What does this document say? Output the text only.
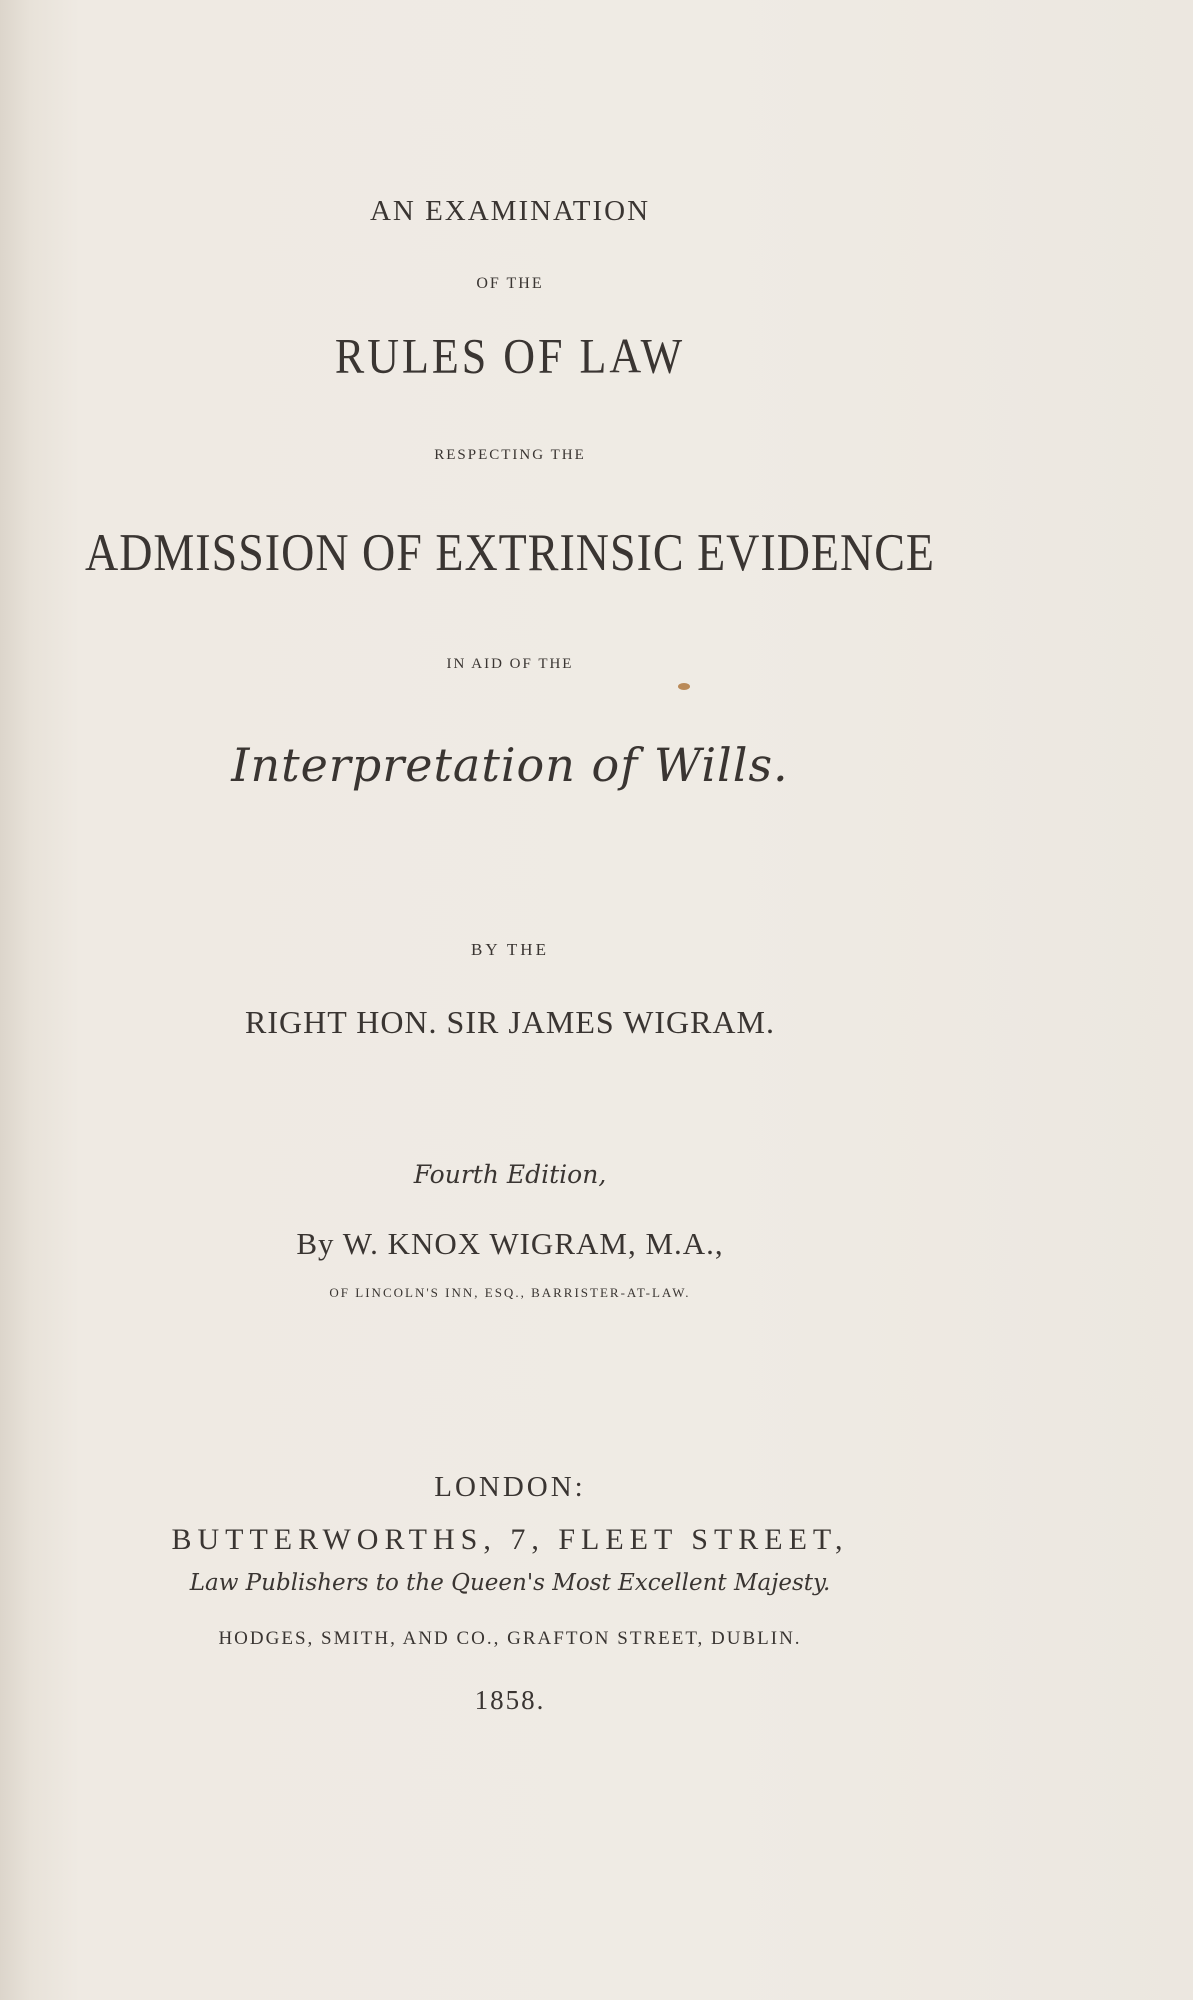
AN EXAMINATION

OF THE

RULES OF LAW

RESPECTING THE

ADMISSION OF EXTRINSIC EVIDENCE

IN AID OF THE

Interpretation of Wills.

BY THE

RIGHT HON. SIR JAMES WIGRAM.

Fourth Edition,

By W. KNOX WIGRAM, M.A.,

OF LINCOLN'S INN, ESQ., BARRISTER-AT-LAW.

LONDON:

BUTTERWORTHS, 7, FLEET STREET,

Law Publishers to the Queen's Most Excellent Majesty.

HODGES, SMITH, AND CO., GRAFTON STREET, DUBLIN.

1858.
